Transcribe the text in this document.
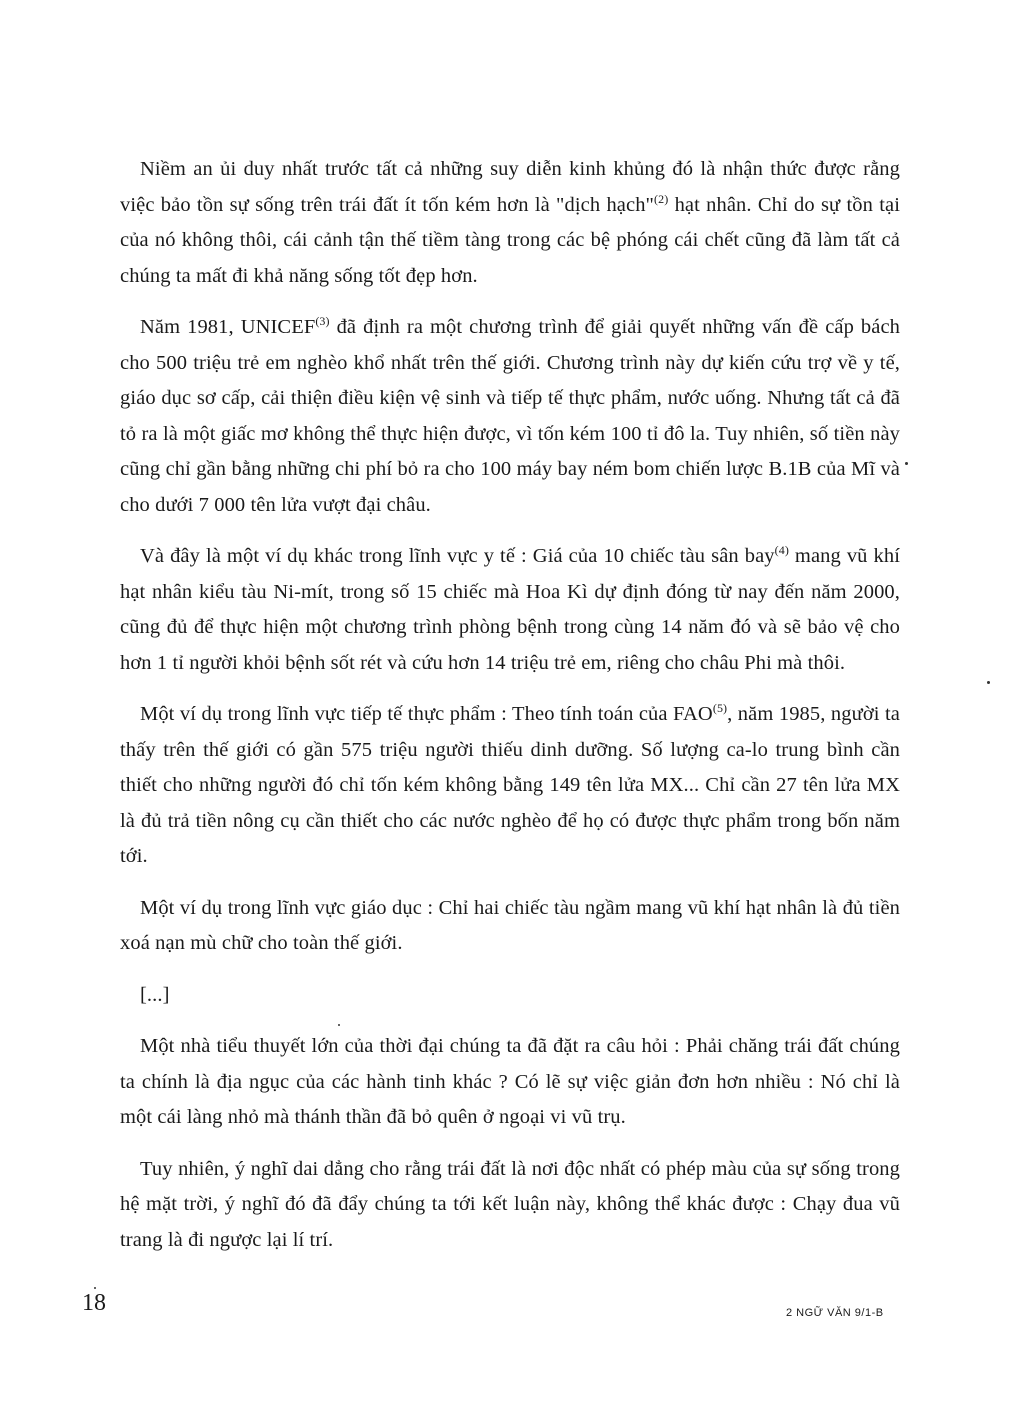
Niềm an ủi duy nhất trước tất cả những suy diễn kinh khủng đó là nhận thức được rằng việc bảo tồn sự sống trên trái đất ít tốn kém hơn là "dịch hạch"$^{(2)}$ hạt nhân. Chỉ do sự tồn tại của nó không thôi, cái cảnh tận thế tiềm tàng trong các bệ phóng cái chết cũng đã làm tất cả chúng ta mất đi khả năng sống tốt đẹp hơn.

Năm 1981, UNICEF$^{(3)}$ đã định ra một chương trình để giải quyết những vấn đề cấp bách cho 500 triệu trẻ em nghèo khổ nhất trên thế giới. Chương trình này dự kiến cứu trợ về y tế, giáo dục sơ cấp, cải thiện điều kiện vệ sinh và tiếp tế thực phẩm, nước uống. Nhưng tất cả đã tỏ ra là một giấc mơ không thể thực hiện được, vì tốn kém 100 tỉ đô la. Tuy nhiên, số tiền này cũng chỉ gần bằng những chi phí bỏ ra cho 100 máy bay ném bom chiến lược B.1B của Mĩ và cho dưới 7 000 tên lửa vượt đại châu.

Và đây là một ví dụ khác trong lĩnh vực y tế : Giá của 10 chiếc tàu sân bay$^{(4)}$ mang vũ khí hạt nhân kiểu tàu Ni-mít, trong số 15 chiếc mà Hoa Kì dự định đóng từ nay đến năm 2000, cũng đủ để thực hiện một chương trình phòng bệnh trong cùng 14 năm đó và sẽ bảo vệ cho hơn 1 tỉ người khỏi bệnh sốt rét và cứu hơn 14 triệu trẻ em, riêng cho châu Phi mà thôi.

Một ví dụ trong lĩnh vực tiếp tế thực phẩm : Theo tính toán của FAO$^{(5)}$, năm 1985, người ta thấy trên thế giới có gần 575 triệu người thiếu dinh dưỡng. Số lượng ca-lo trung bình cần thiết cho những người đó chỉ tốn kém không bằng 149 tên lửa MX... Chỉ cần 27 tên lửa MX là đủ trả tiền nông cụ cần thiết cho các nước nghèo để họ có được thực phẩm trong bốn năm tới.

Một ví dụ trong lĩnh vực giáo dục : Chỉ hai chiếc tàu ngầm mang vũ khí hạt nhân là đủ tiền xoá nạn mù chữ cho toàn thế giới.

[...]

Một nhà tiểu thuyết lớn của thời đại chúng ta đã đặt ra câu hỏi : Phải chăng trái đất chúng ta chính là địa ngục của các hành tinh khác ? Có lẽ sự việc giản đơn hơn nhiều : Nó chỉ là một cái làng nhỏ mà thánh thần đã bỏ quên ở ngoại vi vũ trụ.

Tuy nhiên, ý nghĩ dai dẳng cho rằng trái đất là nơi độc nhất có phép màu của sự sống trong hệ mặt trời, ý nghĩ đó đã đẩy chúng ta tới kết luận này, không thể khác được : Chạy đua vũ trang là đi ngược lại lí trí.

18	2 NGỮ VĂN 9/1-B
